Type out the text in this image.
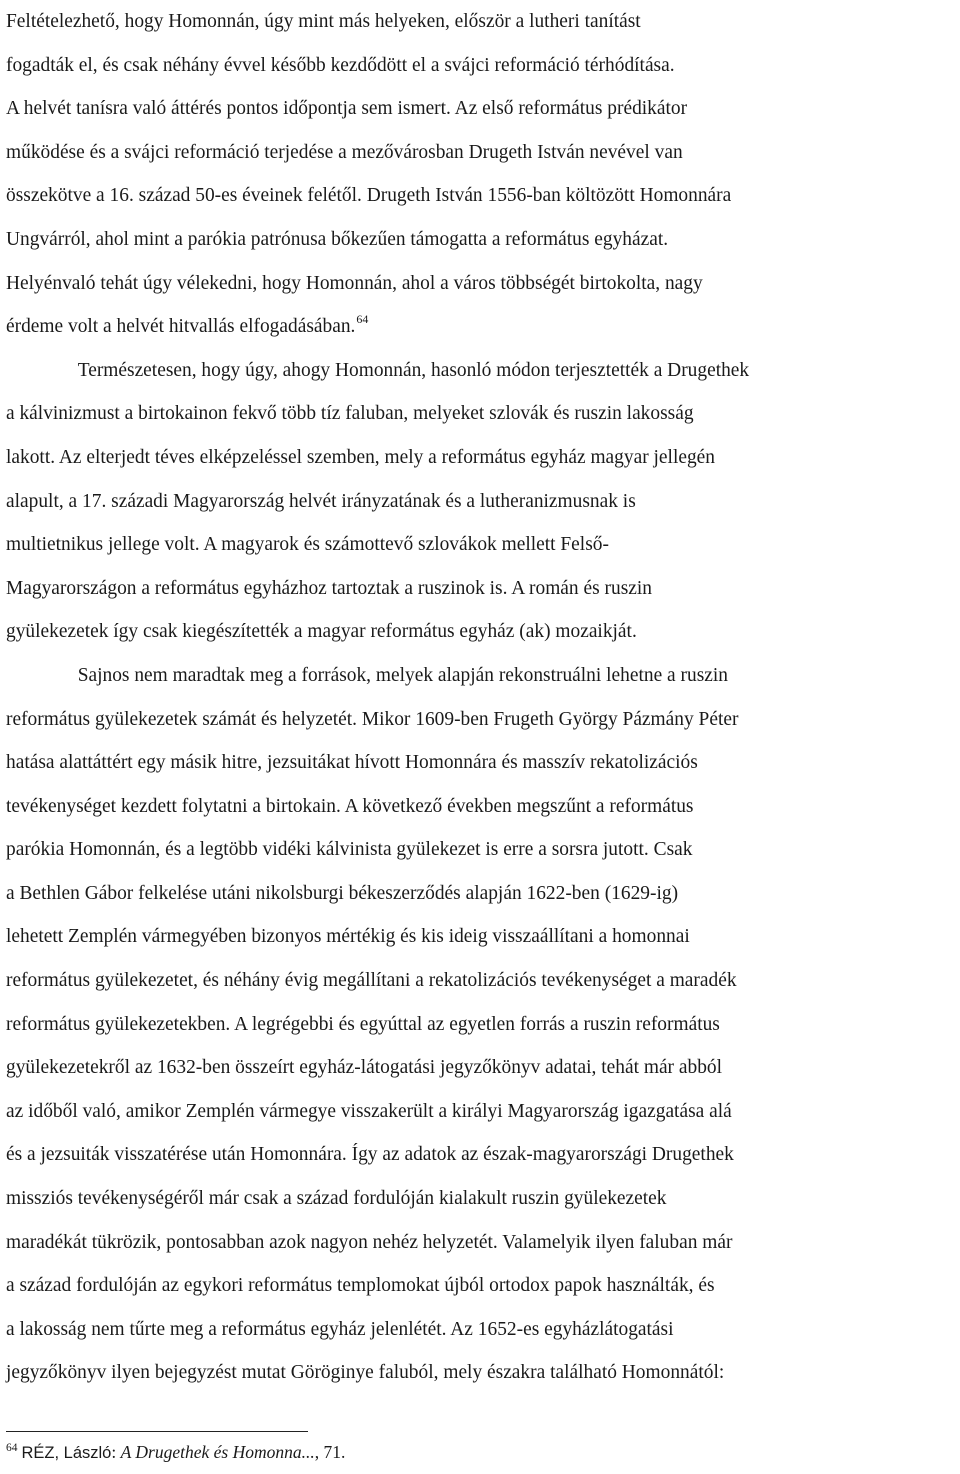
Feltételezhető, hogy Homonnán, úgy mint más helyeken, először a lutheri tanítást
fogadták el, és csak néhány évvel később kezdődött el a svájci reformáció térhódítása.
A helvét tanísra való áttérés pontos időpontja sem ismert. Az első református prédikátor
működése és a svájci reformáció terjedése a mezővárosban Drugeth István nevével van
összekötve a 16. század 50-es éveinek felétől. Drugeth István 1556-ban költözött Homonnára
Ungvárról, ahol mint a parókia patrónusa bőkezűen támogatta a református egyházat.
Helyénvaló tehát úgy vélekedni, hogy Homonnán, ahol a város többségét birtokolta, nagy
érdeme volt a helvét hitvallás elfogadásában.$^{64}$
Természetesen, hogy úgy, ahogy Homonnán, hasonló módon terjesztették a Drugethek
a kálvinizmust a birtokainon fekvő több tíz faluban, melyeket szlovák és ruszin lakosság
lakott. Az elterjedt téves elképzeléssel szemben, mely a református egyház magyar jellegén
alapult, a 17. századi Magyarország helvét irányzatának és a lutheranizmusnak is
multietnikus jellege volt. A magyarok és számottevő szlovákok mellett Felső-
Magyarországon a református egyházhoz tartoztak a ruszinok is. A román és ruszin
gyülekezetek így csak kiegészítették a magyar református egyház (ak) mozaikját.
Sajnos nem maradtak meg a források, melyek alapján rekonstruálni lehetne a ruszin
református gyülekezetek számát és helyzetét. Mikor 1609-ben Frugeth György Pázmány Péter
hatása alattáttért egy másik hitre, jezsuitákat hívott Homonnára és masszív rekatolizációs
tevékenységet kezdett folytatni a birtokain. A következő években megszűnt a református
parókia Homonnán, és a legtöbb vidéki kálvinista gyülekezet is erre a sorsra jutott. Csak
a Bethlen Gábor felkelése utáni nikolsburgi békeszerződés alapján 1622-ben (1629-ig)
lehetett Zemplén vármegyében bizonyos mértékig és kis ideig visszaállítani a homonnai
református gyülekezetet, és néhány évig megállítani a rekatolizációs tevékenységet a maradék
református gyülekezetekben. A legrégebbi és egyúttal az egyetlen forrás a ruszin református
gyülekezetekről az 1632-ben összeírt egyház-látogatási jegyzőkönyv adatai, tehát már abból
az időből való, amikor Zemplén vármegye visszakerült a királyi Magyarország igazgatása alá
és a jezsuiták visszatérése után Homonnára. Így az adatok az észak-magyarországi Drugethek
missziós tevékenységéről már csak a század fordulóján kialakult ruszin gyülekezetek
maradékát tükrözik, pontosabban azok nagyon nehéz helyzetét. Valamelyik ilyen faluban már
a század fordulóján az egykori református templomokat újból ortodox papok használták, és
a lakosság nem tűrte meg a református egyház jelenlétét. Az 1652-es egyházlátogatási
jegyzőkönyv ilyen bejegyzést mutat Göröginye faluból, mely északra található Homonnától:
$^{64}$ RÉZ, László: A Drugethek és Homonna..., 71.
